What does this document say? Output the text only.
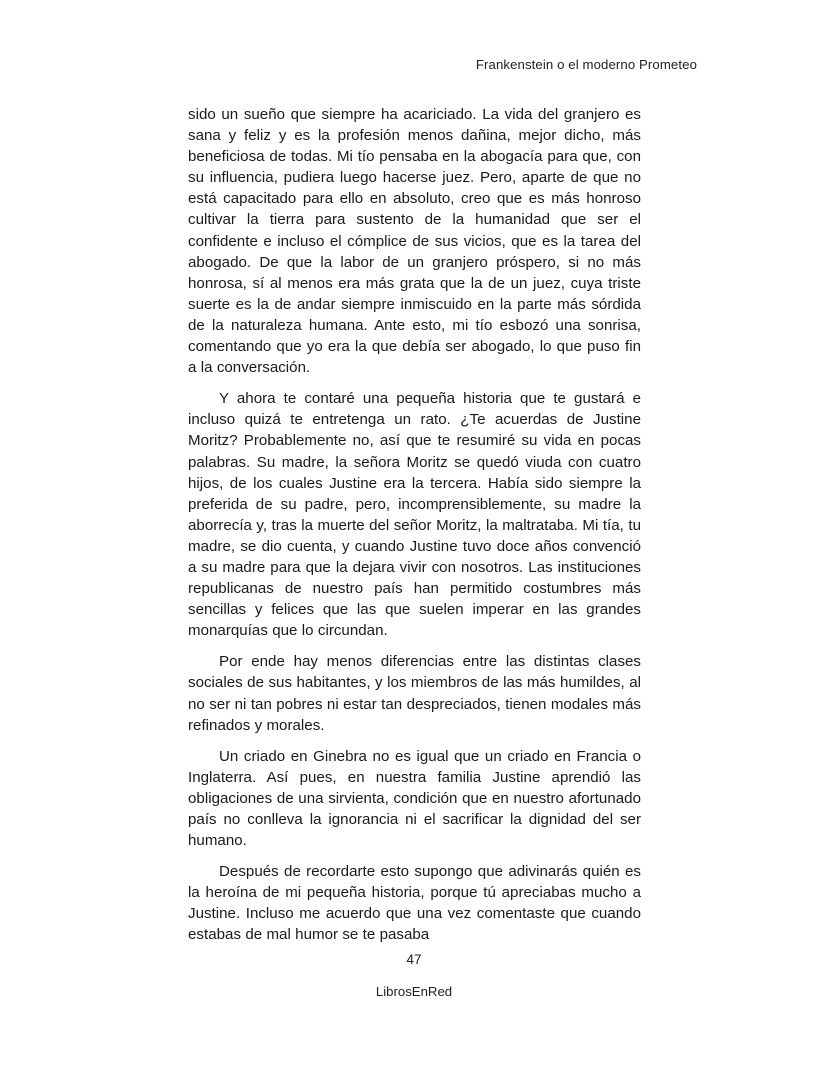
Frankenstein o el moderno Prometeo

sido un sueño que siempre ha acariciado. La vida del granjero es sana y feliz y es la profesión menos dañina, mejor dicho, más beneficiosa de todas. Mi tío pensaba en la abogacía para que, con su influencia, pudiera luego hacerse juez. Pero, aparte de que no está capacitado para ello en absoluto, creo que es más honroso cultivar la tierra para sustento de la humanidad que ser el confidente e incluso el cómplice de sus vicios, que es la tarea del abogado. De que la labor de un granjero próspero, si no más honrosa, sí al menos era más grata que la de un juez, cuya triste suerte es la de andar siempre inmiscuido en la parte más sórdida de la naturaleza humana. Ante esto, mi tío esbozó una sonrisa, comentando que yo era la que debía ser abogado, lo que puso fin a la conversación.

Y ahora te contaré una pequeña historia que te gustará e incluso quizá te entretenga un rato. ¿Te acuerdas de Justine Moritz? Probablemente no, así que te resumiré su vida en pocas palabras. Su madre, la señora Moritz se quedó viuda con cuatro hijos, de los cuales Justine era la tercera. Había sido siempre la preferida de su padre, pero, incomprensiblemente, su madre la aborrecía y, tras la muerte del señor Moritz, la maltrataba. Mi tía, tu madre, se dio cuenta, y cuando Justine tuvo doce años convenció a su madre para que la dejara vivir con nosotros. Las instituciones republicanas de nuestro país han permitido costumbres más sencillas y felices que las que suelen imperar en las grandes monarquías que lo circundan.

Por ende hay menos diferencias entre las distintas clases sociales de sus habitantes, y los miembros de las más humildes, al no ser ni tan pobres ni estar tan despreciados, tienen modales más refinados y morales.

Un criado en Ginebra no es igual que un criado en Francia o Inglaterra. Así pues, en nuestra familia Justine aprendió las obligaciones de una sirvienta, condición que en nuestro afortunado país no conlleva la ignorancia ni el sacrificar la dignidad del ser humano.

Después de recordarte esto supongo que adivinarás quién es la heroína de mi pequeña historia, porque tú apreciabas mucho a Justine. Incluso me acuerdo que una vez comentaste que cuando estabas de mal humor se te pasaba

47
LibrosEnRed
